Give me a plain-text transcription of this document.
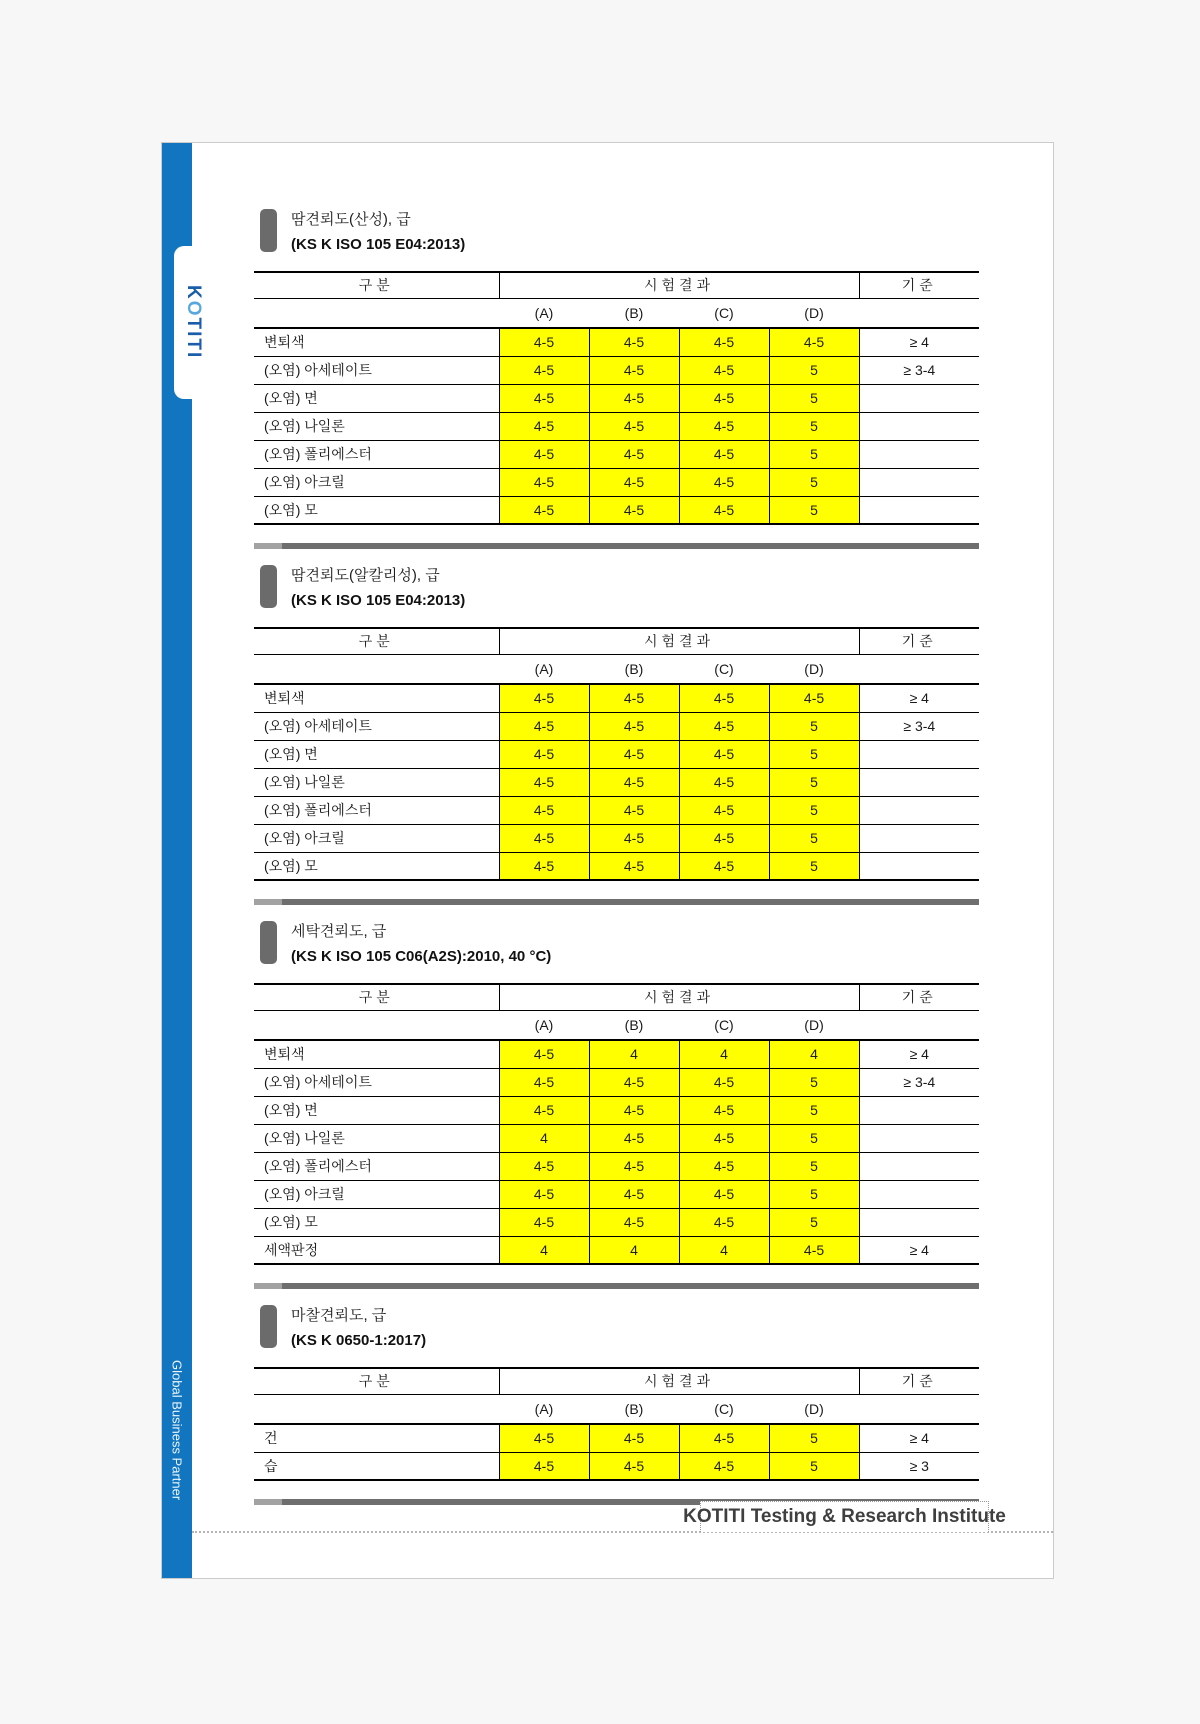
Global Business Partner
KOTITI
땀견뢰도(산성), 급
(KS K ISO 105 E04:2013)
구분	시험결과				기준
	(A)	(B)	(C)	(D)	
변퇴색	4-5	4-5	4-5	4-5	≥ 4
(오염) 아세테이트	4-5	4-5	4-5	5	≥ 3-4
(오염) 면	4-5	4-5	4-5	5	
(오염) 나일론	4-5	4-5	4-5	5	
(오염) 폴리에스터	4-5	4-5	4-5	5	
(오염) 아크릴	4-5	4-5	4-5	5	
(오염) 모	4-5	4-5	4-5	5	
땀견뢰도(알칼리성), 급
(KS K ISO 105 E04:2013)
구분	시험결과				기준
	(A)	(B)	(C)	(D)	
변퇴색	4-5	4-5	4-5	4-5	≥ 4
(오염) 아세테이트	4-5	4-5	4-5	5	≥ 3-4
(오염) 면	4-5	4-5	4-5	5	
(오염) 나일론	4-5	4-5	4-5	5	
(오염) 폴리에스터	4-5	4-5	4-5	5	
(오염) 아크릴	4-5	4-5	4-5	5	
(오염) 모	4-5	4-5	4-5	5	
세탁견뢰도, 급
(KS K ISO 105 C06(A2S):2010, 40 °C)
구분	시험결과				기준
	(A)	(B)	(C)	(D)	
변퇴색	4-5	4	4	4	≥ 4
(오염) 아세테이트	4-5	4-5	4-5	5	≥ 3-4
(오염) 면	4-5	4-5	4-5	5	
(오염) 나일론	4	4-5	4-5	5	
(오염) 폴리에스터	4-5	4-5	4-5	5	
(오염) 아크릴	4-5	4-5	4-5	5	
(오염) 모	4-5	4-5	4-5	5	
세액판정	4	4	4	4-5	≥ 4
마찰견뢰도, 급
(KS K 0650-1:2017)
구분	시험결과				기준
	(A)	(B)	(C)	(D)	
건	4-5	4-5	4-5	5	≥ 4
습	4-5	4-5	4-5	5	≥ 3
KOTITI Testing & Research Institute
